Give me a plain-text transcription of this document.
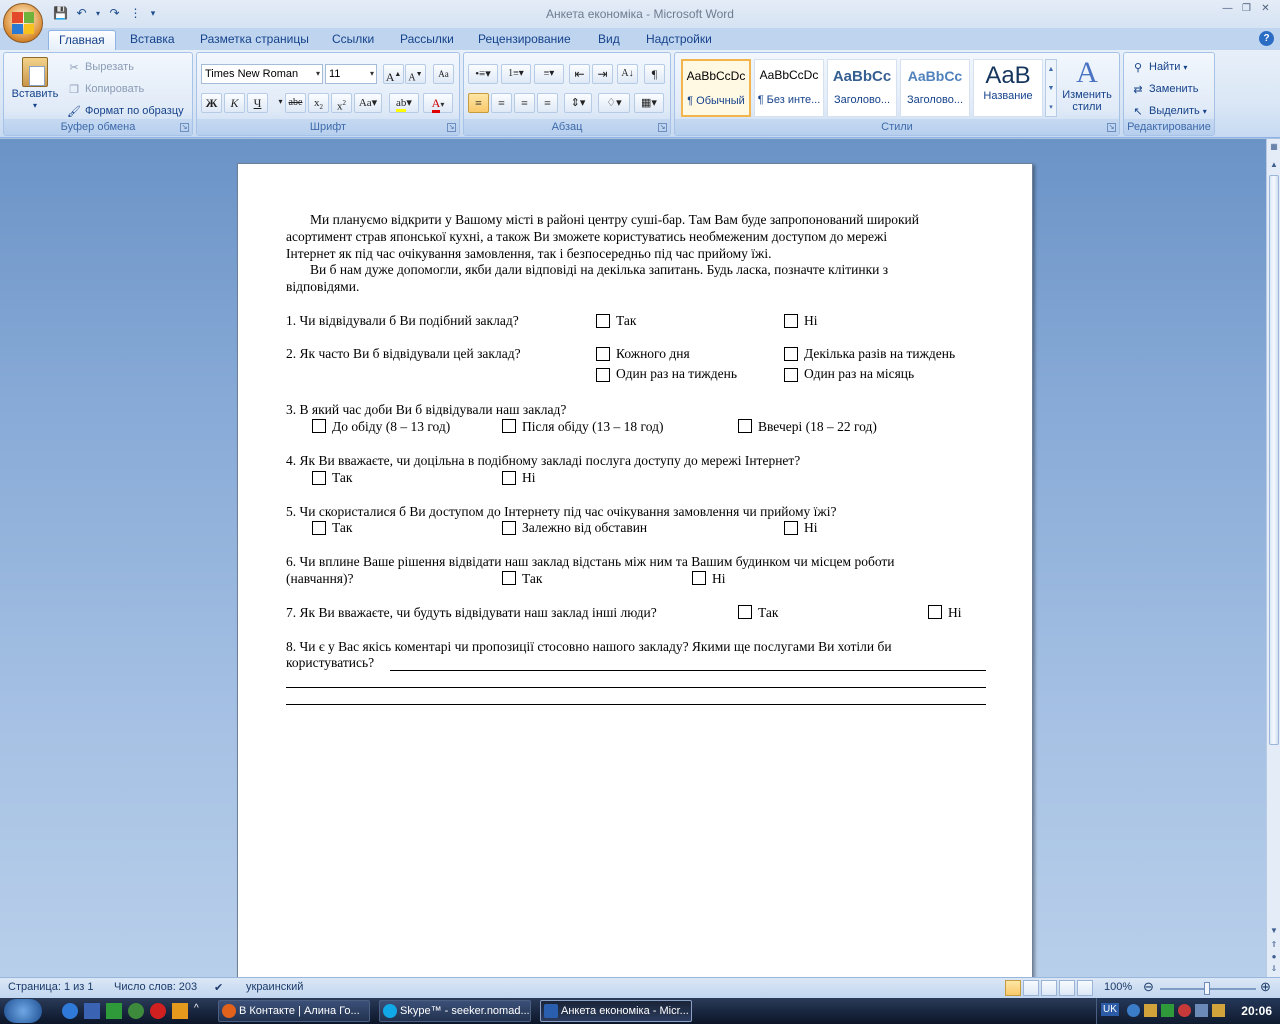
💾 ↶	▾ ↷ ⋮	▾	Анкета економіка - Microsoft Word	— ❐	✕
Главная	Вставка	Разметка страницы	Ссылки	Рассылки	Рецензирование	Вид	Надстройки	?
Вставить
▾
✂ Вырезать
❐ Копировать
🖌 Формат по образцу
Буфер обмена	↘
Times New Roman ▾ 11	▾ A▲ A▼	Aa
Ж	К	Ч	▾ abe	$x_2$	$x^2$	Aa▾	ab▾	A▾
Шрифт	↘
•≡▾	1≡▾	≡▾	⇤	⇥	A↓	¶
≡	≡	≡	≡	⇕▾	♢▾	▦▾
Абзац	↘
AaBbCcDc
¶ Обычный
AaBbCcDc
¶ Без инте...
AaBbCc
Заголово...
AaBbCc
Заголово...
AaB
Название
▲
▼
▾
A
Изменить стили
Стили	↘
⚲ Найти ▾
⇄ Заменить
↖ Выделить ▾
Редактирование
Ми плануємо відкрити у Вашому місті в районі центру суші-бар. Там Вам буде запропонований широкий
асортимент страв японської кухні, а також Ви зможете користуватись необмеженим доступом до мережі
Інтернет як під час очікування замовлення, так і безпосередньо під час прийому їжі.
Ви б нам дуже допомогли, якби дали відповіді на декілька запитань. Будь ласка, позначте клітинки з
відповідями.
1. Чи відвідували б Ви подібний заклад?	Так	Ні
2. Як часто Ви б відвідували цей заклад?	Кожного дня	Декілька разів на тиждень
Один раз на тиждень	Один раз на місяць
3. В який час доби Ви б відвідували наш заклад?
До обіду (8 – 13 год)	Після обіду (13 – 18 год)	Ввечері (18 – 22 год)
4. Як Ви вважаєте, чи доцільна в подібному закладі послуга доступу до мережі Інтернет?
Так	Ні
5. Чи скористалися б Ви доступом до Інтернету під час очікування замовлення чи прийому їжі?
Так	Залежно від обставин	Ні
6. Чи вплине Ваше рішення відвідати наш заклад відстань між ним та Вашим будинком чи місцем роботи
(навчання)?	Так	Ні
7. Як Ви вважаєте, чи будуть відвідувати наш заклад інші люди?	Так	Ні
8. Чи є у Вас якісь коментарі чи пропозиції стосовно нашого закладу? Якими ще послугами Ви хотіли би
користуватись?
▦
▲
▼
⇑
●
⇓
Страница: 1 из 1 Число слов: 203 ✔ украинский	100% ⊖	⊕
^	В Контакте | Алина Го...	Skype™ - seeker.nomad...	Анкета економіка - Micr...	UK	20:06
